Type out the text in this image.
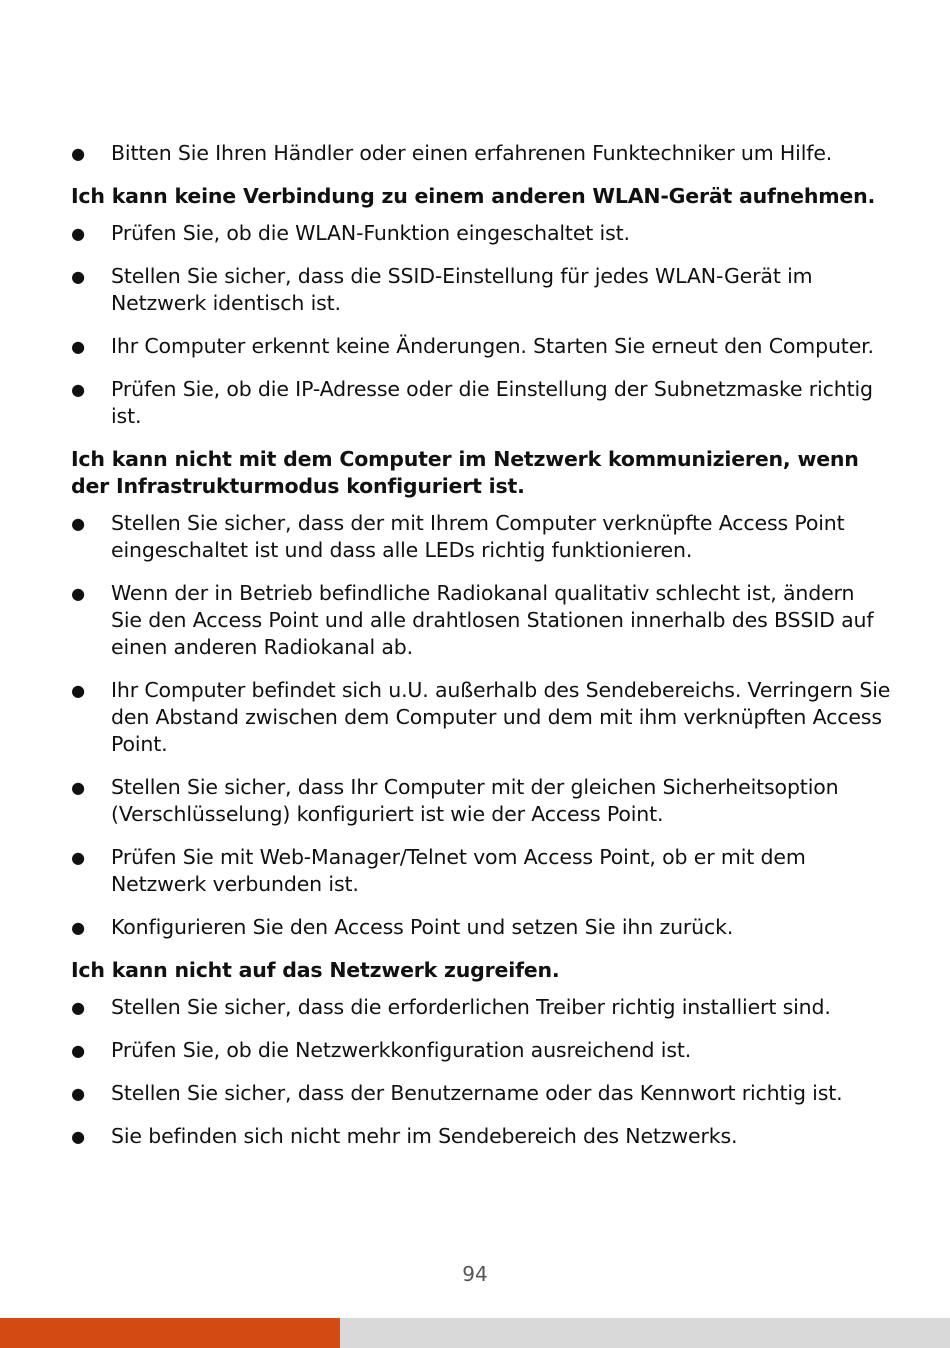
● Bitten Sie Ihren Händler oder einen erfahrenen Funktechniker um Hilfe.
Ich kann keine Verbindung zu einem anderen WLAN-Gerät aufnehmen.
● Prüfen Sie, ob die WLAN-Funktion eingeschaltet ist.
● Stellen Sie sicher, dass die SSID-Einstellung für jedes WLAN-Gerät im Netzwerk identisch ist.
● Ihr Computer erkennt keine Änderungen. Starten Sie erneut den Computer.
● Prüfen Sie, ob die IP-Adresse oder die Einstellung der Subnetzmaske richtig ist.
Ich kann nicht mit dem Computer im Netzwerk kommunizieren, wenn der Infrastrukturmodus konfiguriert ist.
● Stellen Sie sicher, dass der mit Ihrem Computer verknüpfte Access Point eingeschaltet ist und dass alle LEDs richtig funktionieren.
● Wenn der in Betrieb befindliche Radiokanal qualitativ schlecht ist, ändern Sie den Access Point und alle drahtlosen Stationen innerhalb des BSSID auf einen anderen Radiokanal ab.
● Ihr Computer befindet sich u.U. außerhalb des Sendebereichs. Verringern Sie den Abstand zwischen dem Computer und dem mit ihm verknüpften Access Point.
● Stellen Sie sicher, dass Ihr Computer mit der gleichen Sicherheitsoption (Verschlüsselung) konfiguriert ist wie der Access Point.
● Prüfen Sie mit Web-Manager/Telnet vom Access Point, ob er mit dem Netzwerk verbunden ist.
● Konfigurieren Sie den Access Point und setzen Sie ihn zurück.
Ich kann nicht auf das Netzwerk zugreifen.
● Stellen Sie sicher, dass die erforderlichen Treiber richtig installiert sind.
● Prüfen Sie, ob die Netzwerkkonfiguration ausreichend ist.
● Stellen Sie sicher, dass der Benutzername oder das Kennwort richtig ist.
● Sie befinden sich nicht mehr im Sendebereich des Netzwerks.
94
